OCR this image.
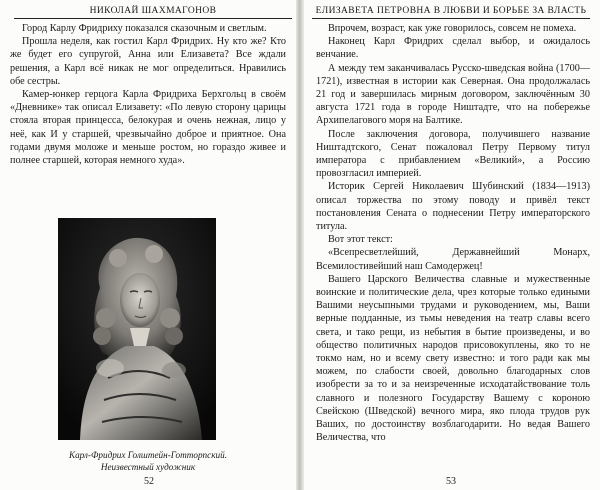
НИКОЛАЙ ШАХМАГОНОВ

Город Карлу Фридриху показался сказочным и светлым.

Прошла неделя, как гостил Карл Фридрих. Ну кто же? Кто же будет его супругой, Анна или Елизавета? Все ждали решения, а Карл всё никак не мог определиться. Нравились обе сестры.

Камер-юнкер герцога Карла Фридриха Берхгольц в своём «Дневнике» так описал Елизавету: «По левую сторону царицы стояла вторая принцесса, белокурая и очень нежная, лицо у неё, как И у старшей, чрезвычайно доброе и приятное. Она годами двумя моложе и меньше ростом, но гораздо живее и полнее старшей, которая немного худа».

Карл-Фридрих Голштейн-Готторпский.
Неизвестный художник
52
ЕЛИЗАВЕТА ПЕТРОВНА В ЛЮБВИ И БОРЬБЕ ЗА ВЛАСТЬ

Впрочем, возраст, как уже говорилось, совсем не помеха.

Наконец Карл Фридрих сделал выбор, и ожидалось венчание.

А между тем заканчивалась Русско-шведская война (1700—1721), известная в истории как Северная. Она продолжалась 21 год и завершилась мирным договором, заключённым 30 августа 1721 года в городе Ништадте, что на побережье Архипелагового моря на Балтике.

После заключения договора, получившего название Ништадтского, Сенат пожаловал Петру Первому титул императора с прибавлением «Великий», а Россию провозгласил империей.

Историк Сергей Николаевич Шубинский (1834—1913) описал торжества по этому поводу и привёл текст постановления Сената о поднесении Петру императорского титула.

Вот этот текст:

«Всепресветлейший, Державнейший Монарх, Всемилостивейший наш Самодержец!

Вашего Царского Величества славные и мужественные воинские и политические дела, чрез которые только едиными Вашими неусыпными трудами и руководением, мы, Ваши верные подданные, из тьмы неведения на театр славы всего света, и тако рещи, из небытия в бытие произведены, и во общество политичных народов присовокуплены, яко то не токмо нам, но и всему свету известно: и того ради как мы можем, по слабости своей, довольно благодарных слов изобрести за то и за неизреченные исходатайствование толь славного и полезного Государству Вашему с короною Свейскою (Шведской) вечного мира, яко плода трудов рук Ваших, по достоинству возблагодарити. Но ведая Вашего Величества, что

53
